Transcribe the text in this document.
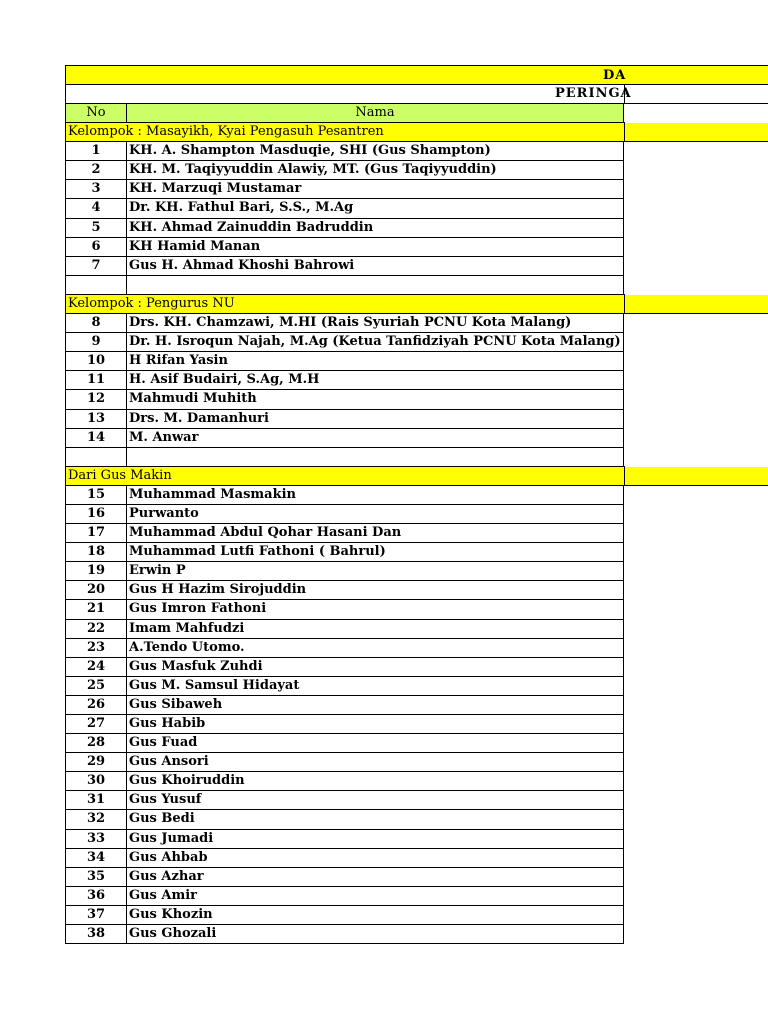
DA
PERINGA
No	Nama
Kelompok : Masayikh, Kyai Pengasuh Pesantren
1	KH. A. Shampton Masduqie, SHI (Gus Shampton)
2	KH. M. Taqiyyuddin Alawiy, MT. (Gus Taqiyyuddin)
3	KH. Marzuqi Mustamar
4	Dr. KH. Fathul Bari, S.S., M.Ag
5	KH. Ahmad Zainuddin Badruddin
6	KH Hamid Manan
7	Gus H. Ahmad Khoshi Bahrowi
Kelompok : Pengurus NU
8	Drs. KH. Chamzawi, M.HI (Rais Syuriah PCNU Kota Malang)
9	Dr. H. Isroqun Najah, M.Ag (Ketua Tanfidziyah PCNU Kota Malang)
10	H Rifan Yasin
11	H. Asif Budairi, S.Ag, M.H
12	Mahmudi Muhith
13	Drs. M. Damanhuri
14	M. Anwar
Dari Gus Makin
15	Muhammad Masmakin
16	Purwanto
17	Muhammad Abdul Qohar Hasani Dan
18	Muhammad Lutfi Fathoni ( Bahrul)
19	Erwin P
20	Gus H Hazim Sirojuddin
21	Gus Imron Fathoni
22	Imam Mahfudzi
23	A.Tendo Utomo.
24	Gus Masfuk Zuhdi
25	Gus M. Samsul Hidayat
26	Gus Sibaweh
27	Gus Habib
28	Gus Fuad
29	Gus Ansori
30	Gus Khoiruddin
31	Gus Yusuf
32	Gus Bedi
33	Gus Jumadi
34	Gus Ahbab
35	Gus Azhar
36	Gus Amir
37	Gus Khozin
38	Gus Ghozali
